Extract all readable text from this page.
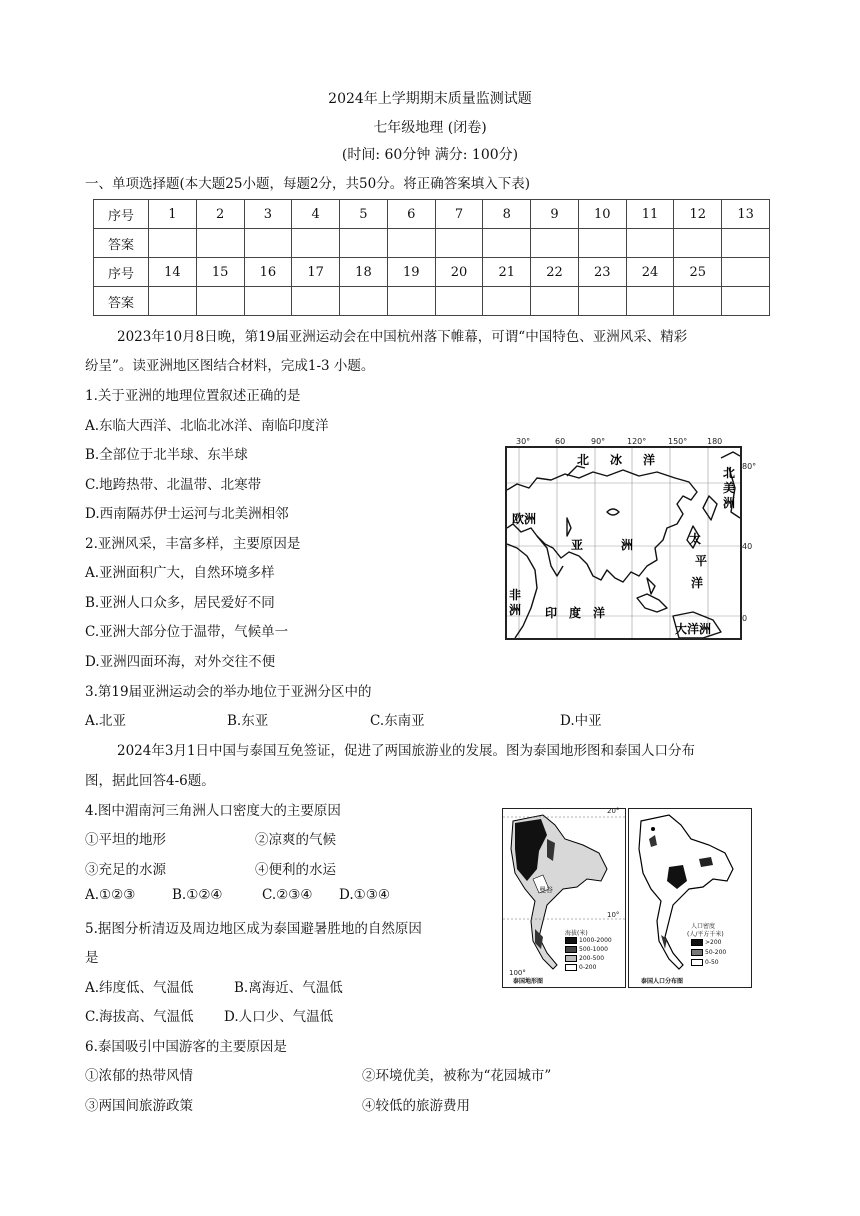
2024年上学期期末质量监测试题
七年级地理 (闭卷)
(时间: 60分钟 满分: 100分)
一、单项选择题(本大题25小题，每题2分，共50分。将正确答案填入下表)
序号	1	2	3	4	5	6	7	8	9	10	11	12	13
答案													
序号	14	15	16	17	18	19	20	21	22	23	24	25	
答案													
2023年10月8日晚，第19届亚洲运动会在中国杭州落下帷幕，可谓“中国特色、亚洲风采、精彩
纷呈”。读亚洲地区图结合材料，完成1-3 小题。
1.关于亚洲的地理位置叙述正确的是
A.东临大西洋、北临北冰洋、南临印度洋
B.全部位于北半球、东半球
C.地跨热带、北温带、北寒带
D.西南隔苏伊士运河与北美洲相邻
2.亚洲风采，丰富多样，主要原因是
A.亚洲面积广大，自然环境多样
B.亚洲人口众多，居民爱好不同
C.亚洲大部分位于温带，气候单一
D.亚洲四面环海，对外交往不便
3.第19届亚洲运动会的举办地位于亚洲分区中的
A.北亚	B.东亚	C.东南亚	D.中亚
30°	60	90°	120°	150° 180
80°
40
0
北 冰 洋
北美洲
欧洲
亚	洲	太
平
洋
非洲 印 度 洋
大洋洲
2024年3月1日中国与泰国互免签证，促进了两国旅游业的发展。图为泰国地形图和泰国人口分布
图，据此回答4-6题。
4.图中湄南河三角洲人口密度大的主要原因
①平坦的地形	②凉爽的气候
③充足的水源	④便利的水运
A.①②③	B.①②④	C.②③④ D.①③④
5.据图分析清迈及周边地区成为泰国避暑胜地的自然原因
是
A.纬度低、气温低	B.离海近、气温低
C.海拔高、气温低 D.人口少、气温低
6.泰国吸引中国游客的主要原因是
①浓郁的热带风情	②环境优美，被称为“花园城市”
③两国间旅游政策	④较低的旅游费用
20°
10°
100°
曼谷
海拔(米)
1000-2000
500-1000
200-500
0-200
泰国地形图
人口密度
(人/平方千米)
>200
50-200
0-50
泰国人口分布图
